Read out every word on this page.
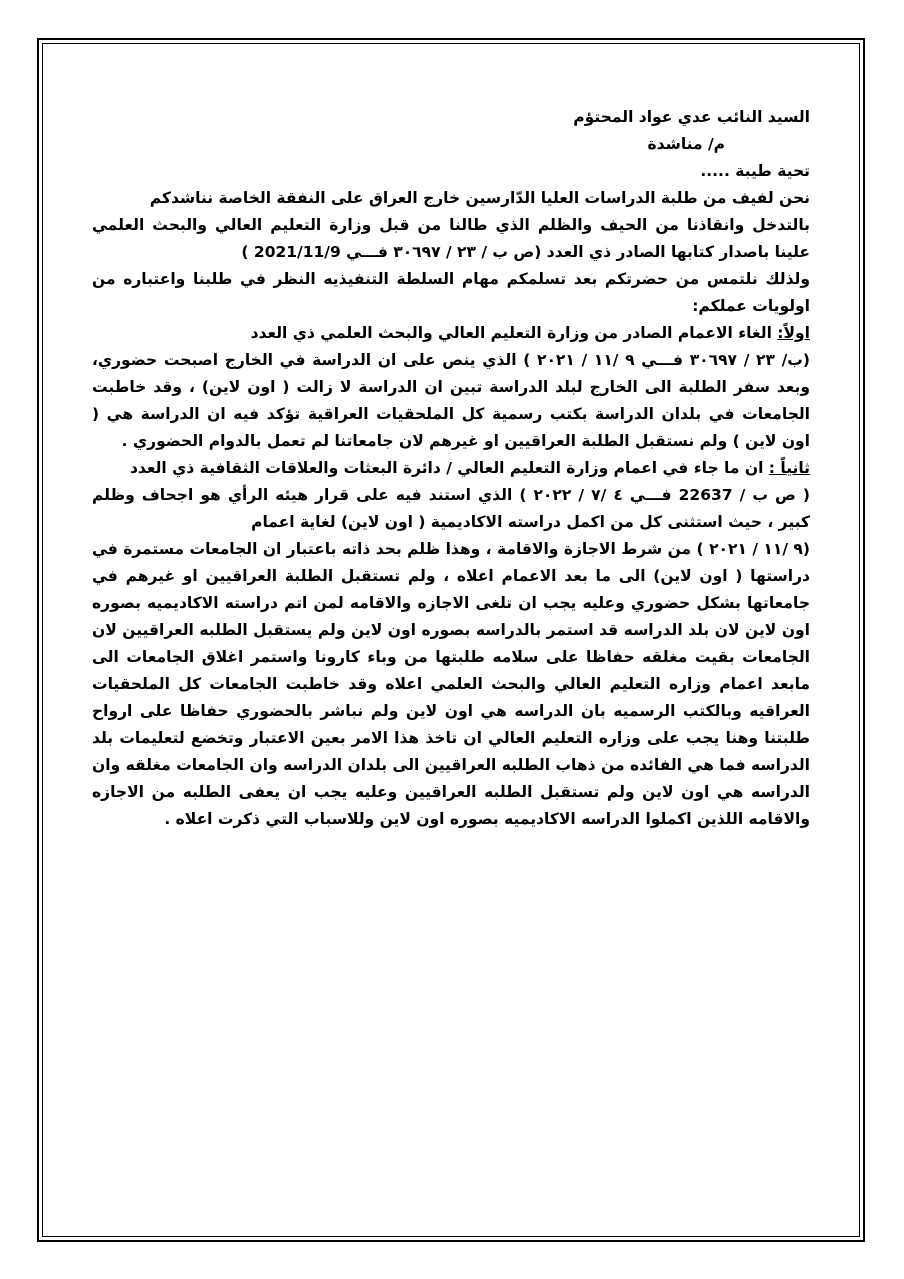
السيد النائب عدي عواد المحتؤم

م/ مناشدة

تحية طيبة .....

نحن لفيف من طلبة الدراسات العليا الدّارسين خارج العراق على النفقة الخاصة نناشدكم

بالتدخل وانقاذنا من الحيف والظلم الذي طالنا من قبل وزارة التعليم العالي والبحث العلمي علينا باصدار كتابها الصادر ذي العدد (ص ب / ٢٣ / ٣٠٦٩٧ فـــي 2021/11/9 )

ولذلك نلتمس من حضرتكم بعد تسلمكم مهام السلطة التنفيذيه النظر في طلبنا واعتباره من اولويات عملكم:

اولاً: الغاء الاعمام الصادر من وزارة التعليم العالي والبحث العلمي ذي العدد

(ب/ ٢٣ / ٣٠٦٩٧ فـــي ٩ /١١ / ٢٠٢١ ) الذي ينص على ان الدراسة في الخارج اصبحت حضوري، وبعد سفر الطلبة الى الخارج لبلد الدراسة تبين ان الدراسة لا زالت ( اون لاين) ، وقد خاطبت الجامعات في بلدان الدراسة بكتب رسمية كل الملحقيات العراقية تؤكد فيه ان الدراسة هي ( اون لاين ) ولم نستقبل الطلبة العراقيين او غيرهم لان جامعاتنا لم تعمل بالدوام الحضوري .

ثانياً : ان ما جاء في اعمام وزارة التعليم العالي / دائرة البعثات والعلاقات الثقافية ذي العدد

( ص ب / 22637 فـــي ٤ /٧ / ٢٠٢٢ ) الذي استند فيه على قرار هيئه الرأي هو اجحاف وظلم كبير ، حيث استثنى كل من اكمل دراسته الاكاديمية ( اون لاين) لغاية اعمام

(٩ /١١ / ٢٠٢١ ) من شرط الاجازة والاقامة ، وهذا ظلم بحد ذاته باعتبار ان الجامعات مستمرة في دراستها ( اون لاين) الى ما بعد الاعمام اعلاه ، ولم تستقبل الطلبة العراقيين او غيرهم في جامعاتها بشكل حضوري وعليه يجب ان تلغى الاجازه والاقامه لمن اتم دراسته الاكاديميه بصوره اون لاين لان بلد الدراسه قد استمر بالدراسه بصوره اون لاين ولم يستقبل الطلبه العراقيين لان الجامعات بقيت مغلقه حفاظا على سلامه طلبتها من وباء كارونا واستمر اغلاق الجامعات الى مابعد اعمام وزاره التعليم العالي والبحث العلمي اعلاه وقد خاطبت الجامعات كل الملحقيات العراقيه وبالكتب الرسميه بان الدراسه هي اون لاين ولم نباشر بالحضوري حفاظا على ارواح طلبتنا وهنا يجب على وزاره التعليم العالي ان تاخذ هذا الامر بعين الاعتبار وتخضع لتعليمات بلد الدراسه فما هي الفائده من ذهاب الطلبه العراقيين الى بلدان الدراسه وان الجامعات مغلقه وان الدراسه هي اون لاين ولم تستقبل الطلبه العراقيين وعليه يجب ان يعفى الطلبه من الاجازه والاقامه اللذين اكملوا الدراسه الاكاديميه بصوره اون لاين وللاسباب التي ذكرت اعلاه .
